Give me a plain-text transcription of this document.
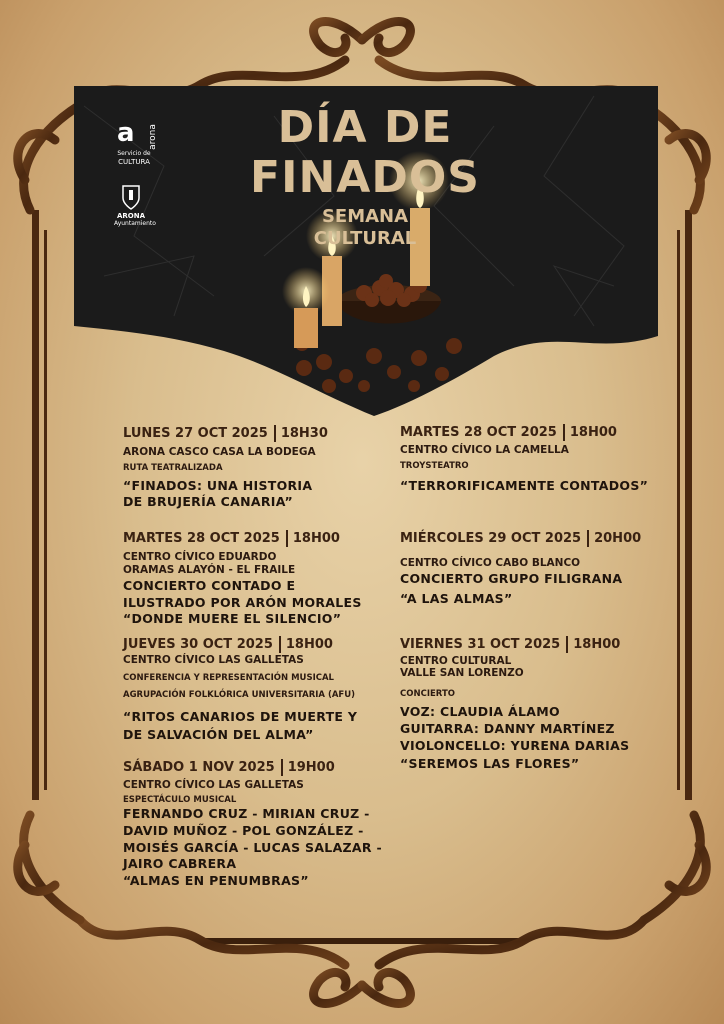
a arona
Servicio de
CULTURA
ARONA
Ayuntamiento
DÍA DE
FINADOS
SEMANA
CULTURAL
LUNES 27 OCT 2025 18H30
ARONA CASCO CASA LA BODEGA
RUTA TEATRALIZADA
“FINADOS: UNA HISTORIA
DE BRUJERÍA CANARIA”
MARTES 28 OCT 2025 18H00
CENTRO CÍVICO LA CAMELLA
TROYSTEATRO
“TERRORIFICAMENTE CONTADOS”
MARTES 28 OCT 2025 18H00
CENTRO CÍVICO EDUARDO
ORAMAS ALAYÓN - EL FRAILE
CONCIERTO CONTADO E
ILUSTRADO POR ARÓN MORALES
“DONDE MUERE EL SILENCIO”
MIÉRCOLES 29 OCT 2025 20H00
CENTRO CÍVICO CABO BLANCO
CONCIERTO GRUPO FILIGRANA
“A LAS ALMAS”
JUEVES 30 OCT 2025 18H00
CENTRO CÍVICO LAS GALLETAS
CONFERENCIA Y REPRESENTACIÓN MUSICAL
AGRUPACIÓN FOLKLÓRICA UNIVERSITARIA (AFU)
“RITOS CANARIOS DE MUERTE Y
DE SALVACIÓN DEL ALMA”
VIERNES 31 OCT 2025 18H00
CENTRO CULTURAL
VALLE SAN LORENZO
CONCIERTO
VOZ: CLAUDIA ÁLAMO
GUITARRA: DANNY MARTÍNEZ
VIOLONCELLO: YURENA DARIAS
“SEREMOS LAS FLORES”
SÁBADO 1 NOV 2025 19H00
CENTRO CÍVICO LAS GALLETAS
ESPECTÁCULO MUSICAL
FERNANDO CRUZ - MIRIAN CRUZ -
DAVID MUÑOZ - POL GONZÁLEZ -
MOISÉS GARCÍA - LUCAS SALAZAR -
JAIRO CABRERA
“ALMAS EN PENUMBRAS”
